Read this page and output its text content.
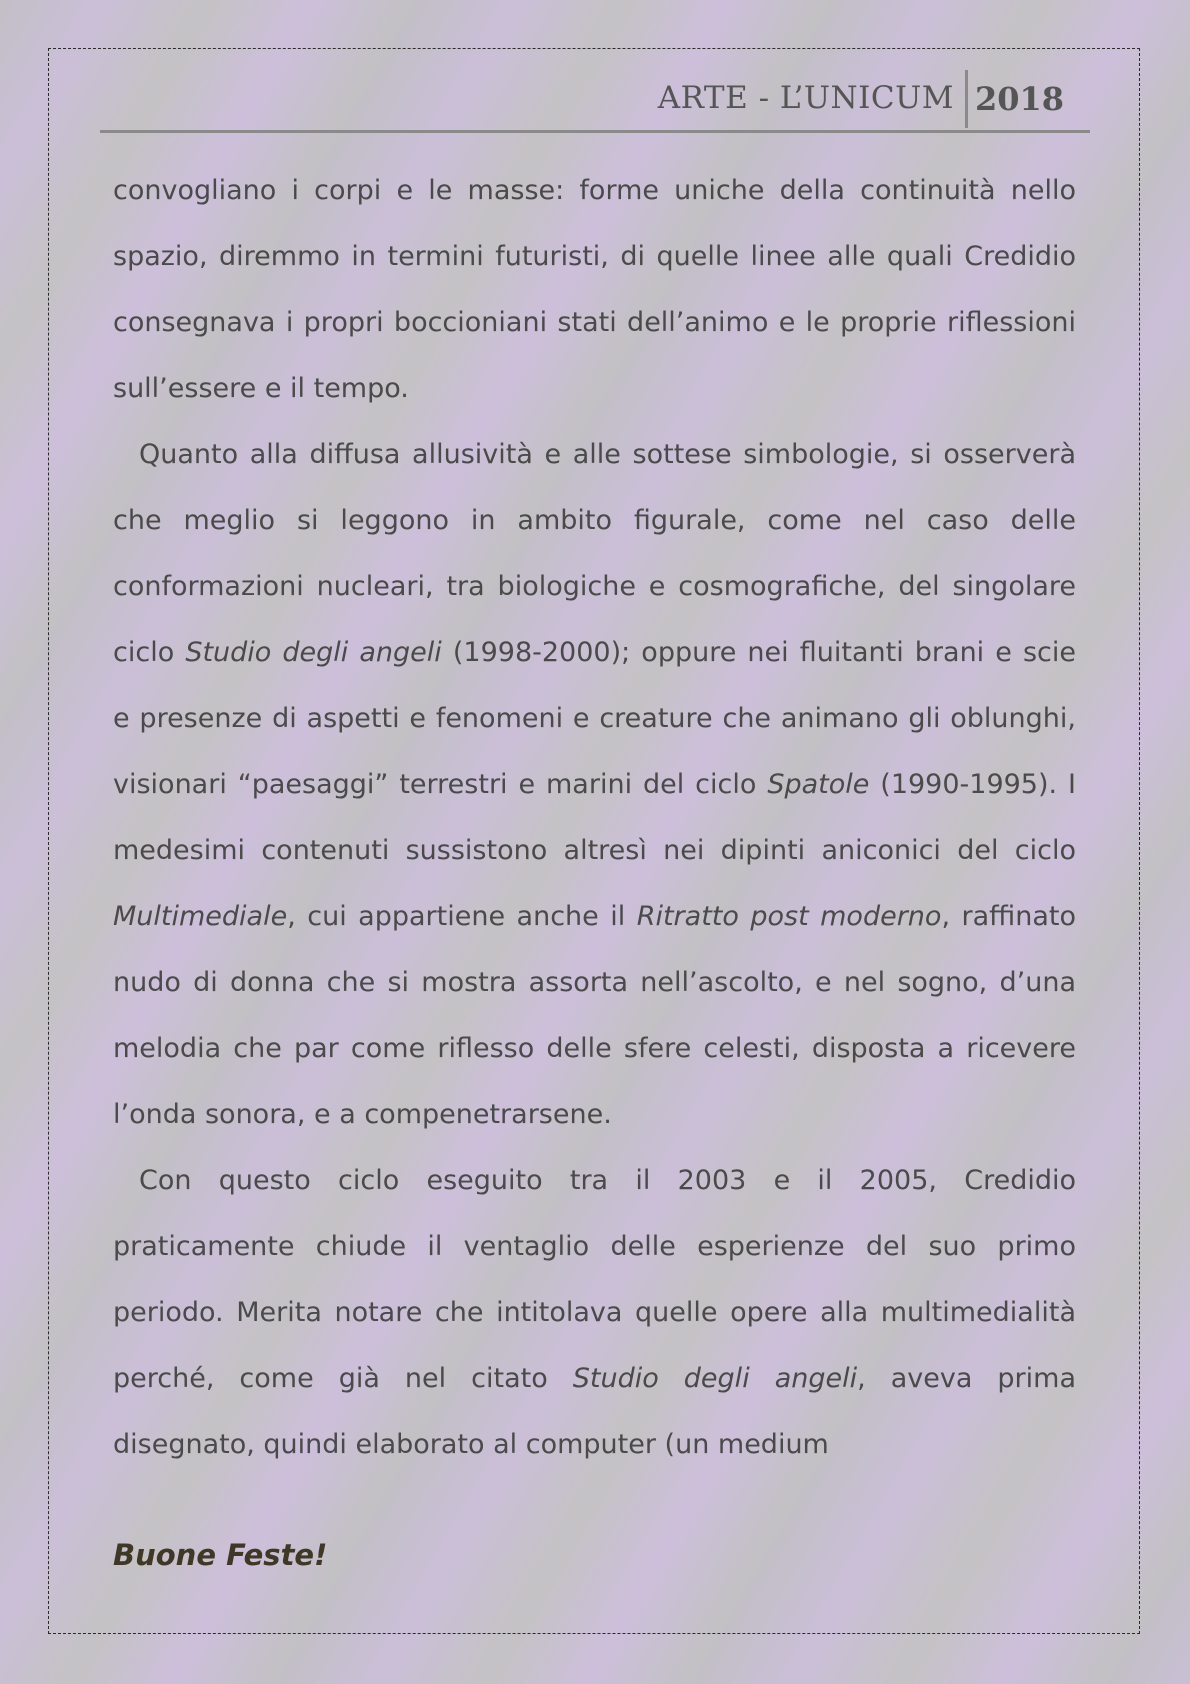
ARTE - L’UNICUM 2018

convogliano i corpi e le masse: forme uniche della continuità nello spazio, diremmo in termini futuristi, di quelle linee alle quali Credidio consegnava i propri boccioniani stati dell’animo e le proprie riflessioni sull’essere e il tempo.

Quanto alla diffusa allusività e alle sottese simbologie, si osserverà che meglio si leggono in ambito figurale, come nel caso delle conformazioni nucleari, tra biologiche e cosmografiche, del singolare ciclo Studio degli angeli (1998-2000); oppure nei fluitanti brani e scie e presenze di aspetti e fenomeni e creature che animano gli oblunghi, visionari “paesaggi” terrestri e marini del ciclo Spatole (1990-1995). I medesimi contenuti sussistono altresì nei dipinti aniconici del ciclo Multimediale, cui appartiene anche il Ritratto post moderno, raffinato nudo di donna che si mostra assorta nell’ascolto, e nel sogno, d’una melodia che par come riflesso delle sfere celesti, disposta a ricevere l’onda sonora, e a compenetrarsene.

Con questo ciclo eseguito tra il 2003 e il 2005, Credidio praticamente chiude il ventaglio delle esperienze del suo primo periodo. Merita notare che intitolava quelle opere alla multimedialità perché, come già nel citato Studio degli angeli, aveva prima disegnato, quindi elaborato al computer (un medium

Buone Feste!
